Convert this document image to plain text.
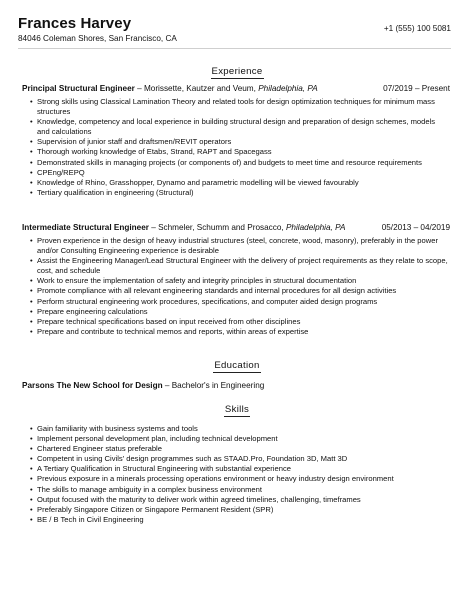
Frances Harvey
84046 Coleman Shores, San Francisco, CA
+1 (555) 100 5081
Experience
Principal Structural Engineer – Morissette, Kautzer and Veum, Philadelphia, PA	07/2019 – Present
• Strong skills using Classical Lamination Theory and related tools for design optimization techniques for minimum mass structures
• Knowledge, competency and local experience in building structural design and preparation of design schemes, models and calculations
• Supervision of junior staff and draftsmen/REVIT operators
• Thorough working knowledge of Etabs, Strand, RAPT and Spacegass
• Demonstrated skills in managing projects (or components of) and budgets to meet time and resource requirements
• CPEng/REPQ
• Knowledge of Rhino, Grasshopper, Dynamo and parametric modelling will be viewed favourably
• Tertiary qualification in engineering (Structural)
Intermediate Structural Engineer – Schmeler, Schumm and Prosacco, Philadelphia, PA	05/2013 – 04/2019
• Proven experience in the design of heavy industrial structures (steel, concrete, wood, masonry), preferably in the power and/or Consulting Engineering experience is desirable
• Assist the Engineering Manager/Lead Structural Engineer with the delivery of project requirements as they relate to scope, cost, and schedule
• Work to ensure the implementation of safety and integrity principles in structural documentation
• Promote compliance with all relevant engineering standards and internal procedures for all design activities
• Perform structural engineering work procedures, specifications, and computer aided design programs
• Prepare engineering calculations
• Prepare technical specifications based on input received from other disciplines
• Prepare and contribute to technical memos and reports, within areas of expertise
Education
Parsons The New School for Design – Bachelor's in Engineering
Skills
• Gain familiarity with business systems and tools
• Implement personal development plan, including technical development
• Chartered Engineer status preferable
• Competent in using Civils' design programmes such as STAAD.Pro, Foundation 3D, Matt 3D
• A Tertiary Qualification in Structural Engineering with substantial experience
• Previous exposure in a minerals processing operations environment or heavy industry design environment
• The skills to manage ambiguity in a complex business environment
• Output focused with the maturity to deliver work within agreed timelines, challenging, timeframes
• Preferably Singapore Citizen or Singapore Permanent Resident (SPR)
• BE / B Tech in Civil Engineering
